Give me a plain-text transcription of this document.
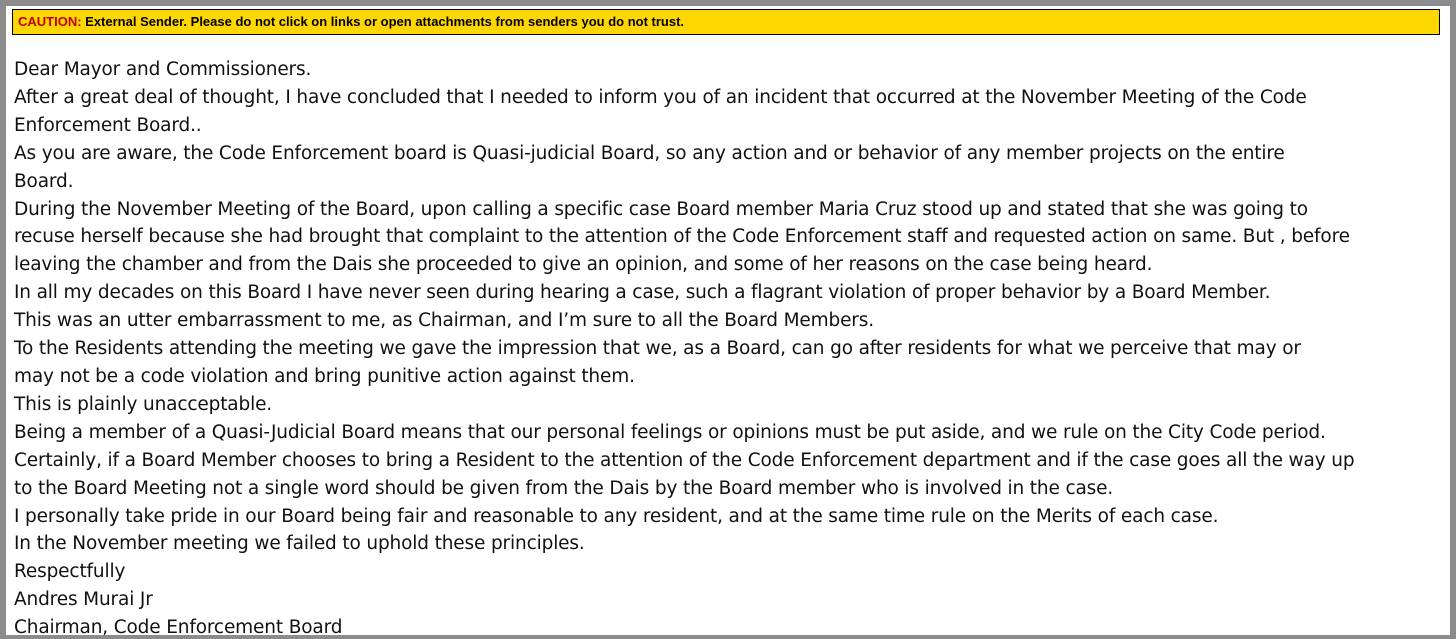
CAUTION: External Sender. Please do not click on links or open attachments from senders you do not trust.

Dear Mayor and Commissioners.

After a great deal of thought, I have concluded that I needed to inform you of an incident that occurred at the November Meeting of the Code

Enforcement Board..

As you are aware, the Code Enforcement board is Quasi-judicial Board, so any action and or behavior of any member projects on the entire

Board.

During the November Meeting of the Board, upon calling a specific case Board member Maria Cruz stood up and stated that she was going to

recuse herself because she had brought that complaint to the attention of the Code Enforcement staff and requested action on same. But , before

leaving the chamber and from the Dais she proceeded to give an opinion, and some of her reasons on the case being heard.

In all my decades on this Board I have never seen during hearing a case, such a flagrant violation of proper behavior by a Board Member.

This was an utter embarrassment to me, as Chairman, and I’m sure to all the Board Members.

To the Residents attending the meeting we gave the impression that we, as a Board, can go after residents for what we perceive that may or

may not be a code violation and bring punitive action against them.

This is plainly unacceptable.

Being a member of a Quasi-Judicial Board means that our personal feelings or opinions must be put aside, and we rule on the City Code period.

Certainly, if a Board Member chooses to bring a Resident to the attention of the Code Enforcement department and if the case goes all the way up

to the Board Meeting not a single word should be given from the Dais by the Board member who is involved in the case.

I personally take pride in our Board being fair and reasonable to any resident, and at the same time rule on the Merits of each case.

In the November meeting we failed to uphold these principles.

Respectfully

Andres Murai Jr

Chairman, Code Enforcement Board
